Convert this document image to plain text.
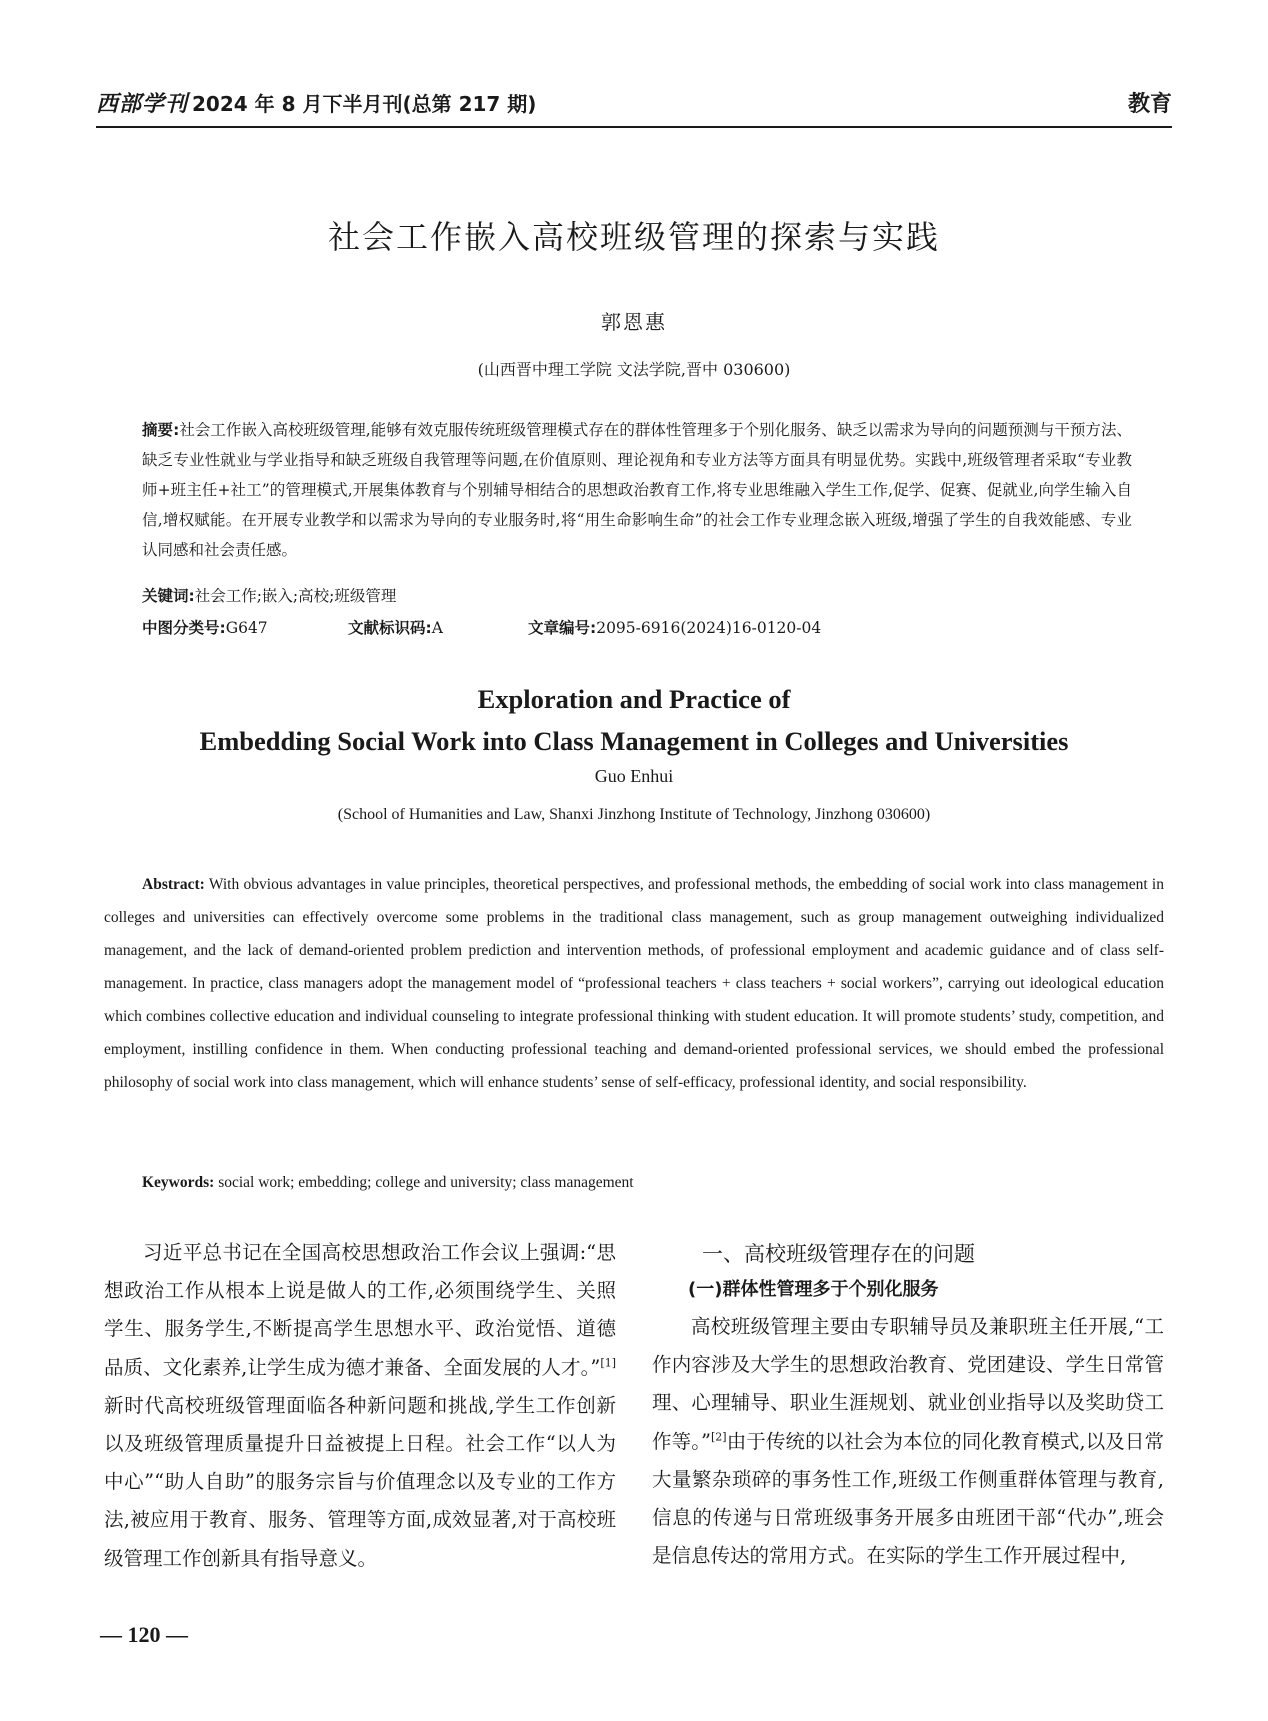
西部学刊 2024 年 8 月下半月刊(总第 217 期)	教育
社会工作嵌入高校班级管理的探索与实践
郭恩惠
(山西晋中理工学院 文法学院,晋中 030600)
摘要:社会工作嵌入高校班级管理,能够有效克服传统班级管理模式存在的群体性管理多于个别化服务、缺乏以需求为导向的问题预测与干预方法、缺乏专业性就业与学业指导和缺乏班级自我管理等问题,在价值原则、理论视角和专业方法等方面具有明显优势。实践中,班级管理者采取“专业教师+班主任+社工”的管理模式,开展集体教育与个别辅导相结合的思想政治教育工作,将专业思维融入学生工作,促学、促赛、促就业,向学生输入自信,增权赋能。在开展专业教学和以需求为导向的专业服务时,将“用生命影响生命”的社会工作专业理念嵌入班级,增强了学生的自我效能感、专业认同感和社会责任感。
关键词:社会工作;嵌入;高校;班级管理
中图分类号:G647	文献标识码:A	文章编号:2095-6916(2024)16-0120-04
Exploration and Practice of
Embedding Social Work into Class Management in Colleges and Universities
Guo Enhui
(School of Humanities and Law, Shanxi Jinzhong Institute of Technology, Jinzhong 030600)
Abstract: With obvious advantages in value principles, theoretical perspectives, and professional methods, the embedding of social work into class management in colleges and universities can effectively overcome some problems in the traditional class management, such as group management outweighing individualized management, and the lack of demand-oriented problem prediction and intervention methods, of professional employment and academic guidance and of class self-management. In practice, class managers adopt the management model of “professional teachers + class teachers + social workers”, carrying out ideological education which combines collective education and individual counseling to integrate professional thinking with student education. It will promote students’ study, competition, and employment, instilling confidence in them. When conducting professional teaching and demand-oriented professional services, we should embed the professional philosophy of social work into class management, which will enhance students’ sense of self-efficacy, professional identity, and social responsibility.
Keywords: social work; embedding; college and university; class management

习近平总书记在全国高校思想政治工作会议上强调:“思想政治工作从根本上说是做人的工作,必须围绕学生、关照学生、服务学生,不断提高学生思想水平、政治觉悟、道德品质、文化素养,让学生成为德才兼备、全面发展的人才。”[1]新时代高校班级管理面临各种新问题和挑战,学生工作创新以及班级管理质量提升日益被提上日程。社会工作“以人为中心”“助人自助”的服务宗旨与价值理念以及专业的工作方法,被应用于教育、服务、管理等方面,成效显著,对于高校班级管理工作创新具有指导意义。

一、高校班级管理存在的问题
(一)群体性管理多于个别化服务

高校班级管理主要由专职辅导员及兼职班主任开展,“工作内容涉及大学生的思想政治教育、党团建设、学生日常管理、心理辅导、职业生涯规划、就业创业指导以及奖助贷工作等。”[2]由于传统的以社会为本位的同化教育模式,以及日常大量繁杂琐碎的事务性工作,班级工作侧重群体管理与教育,信息的传递与日常班级事务开展多由班团干部“代办”,班会是信息传达的常用方式。在实际的学生工作开展过程中,

— 120 —
